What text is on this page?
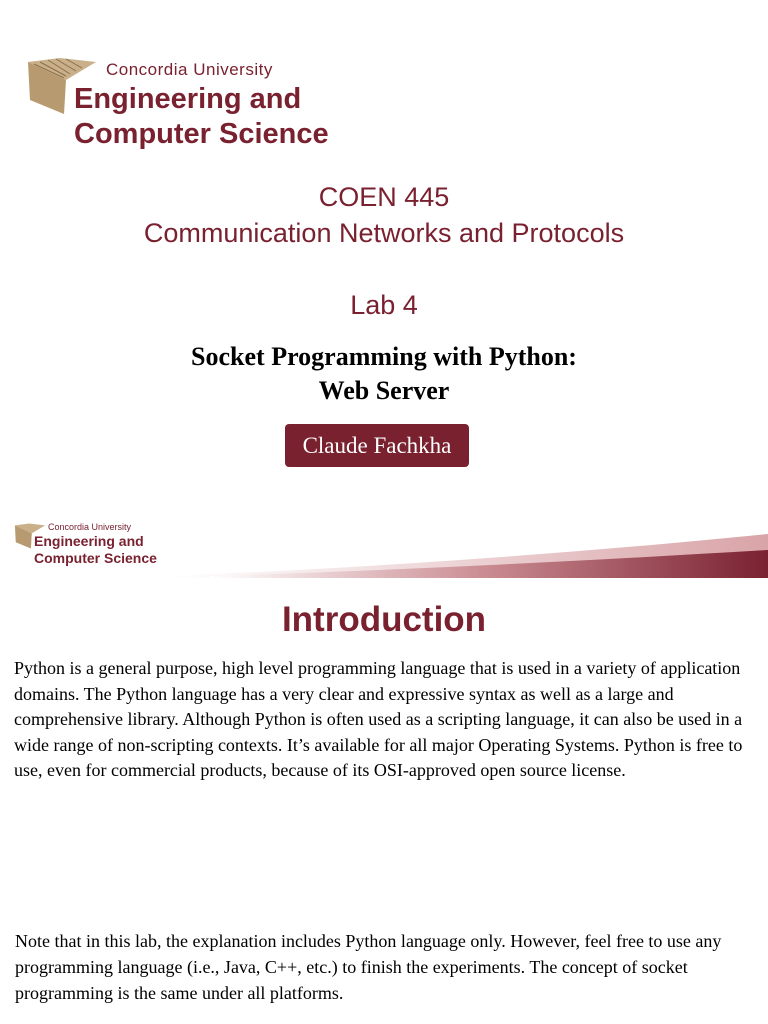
Concordia University
Engineering and
Computer Science
COEN 445
Communication Networks and Protocols
Lab 4
Socket Programming with Python:
Web Server
Claude Fachkha
Concordia University
Engineering and
Computer Science
Introduction
Python is a general purpose, high level programming language that is used in a variety of application domains. The Python language has a very clear and expressive syntax as well as a large and comprehensive library. Although Python is often used as a scripting language, it can also be used in a wide range of non-scripting contexts. It’s available for all major Operating Systems. Python is free to use, even for commercial products, because of its OSI-approved open source license.
Note that in this lab, the explanation includes Python language only. However, feel free to use any programming language (i.e., Java, C++, etc.) to finish the experiments. The concept of socket programming is the same under all platforms.
